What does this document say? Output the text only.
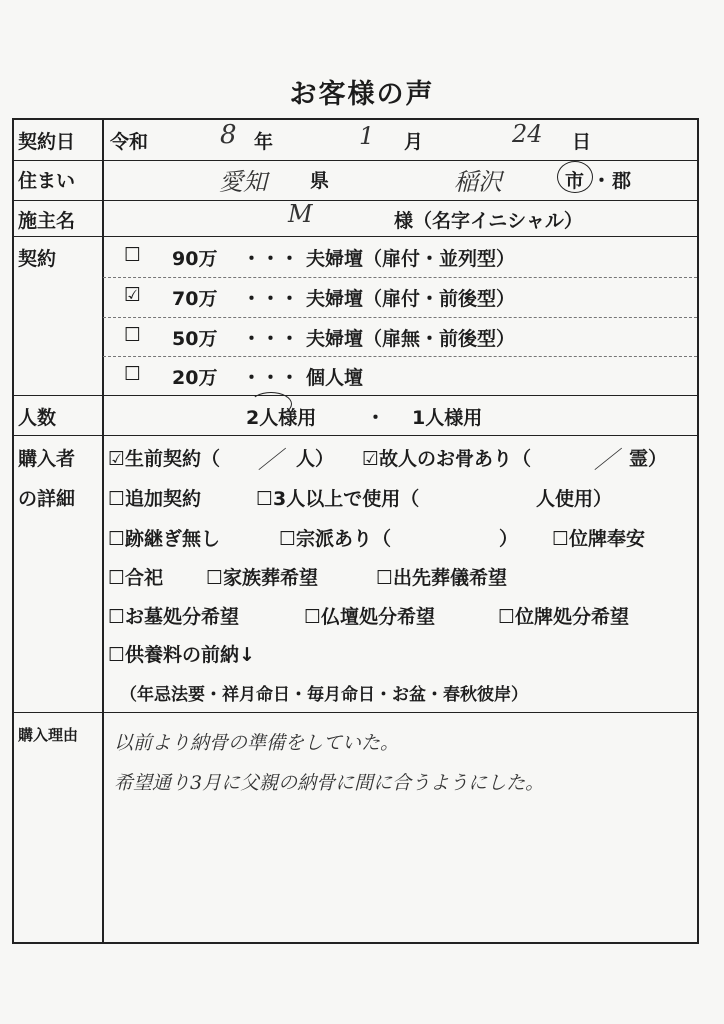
お客様の声
契約日 令和	8 年	1 月	24 日
住まい	愛知 県	稲沢	市 ・ 郡
施主名	M	様（名字イニシャル）
契約	☐ 90万 ・・・ 夫婦壇（扉付・並列型）
☑ 70万 ・・・ 夫婦壇（扉付・前後型）
☐ 50万 ・・・ 夫婦壇（扉無・前後型）
☐ 20万 ・・・ 個人壇
人数	2人様用	・ 1人様用
購入者
の詳細
☑生前契約（ ／ 人） ☑故人のお骨あり（	／ 霊）
☐追加契約	☐3人以上で使用（	人使用）
☐跡継ぎ無し	☐宗派あり（	） ☐位牌奉安
☐合祀 ☐家族葬希望	☐出先葬儀希望
☐お墓処分希望	☐仏壇処分希望	☐位牌処分希望
☐供養料の前納↓
（年忌法要・祥月命日・毎月命日・お盆・春秋彼岸）
購入理由 以前より納骨の準備をしていた。
希望通り3月に父親の納骨に間に合うようにした。
